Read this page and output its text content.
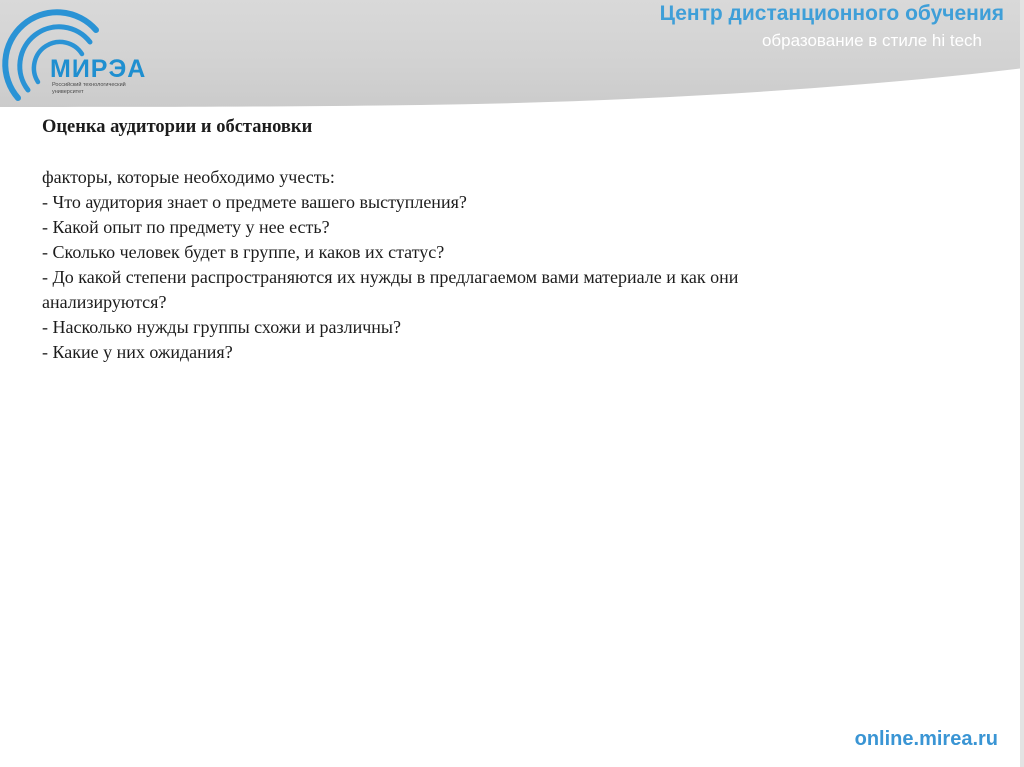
МИРЭА
Российский технологический университет
Центр дистанционного обучения
образование в стиле hi tech
Оценка аудитории и обстановки

факторы, которые необходимо учесть:

- Что аудитория знает о предмете вашего выступления?
- Какой опыт по предмету у нее есть?
- Сколько человек будет в группе, и каков их статус?
- До какой степени распространяются их нужды в предлагаемом вами материале и как они анализируются?
- Насколько нужды группы схожи и различны?
- Какие у них ожидания?
online.mirea.ru
